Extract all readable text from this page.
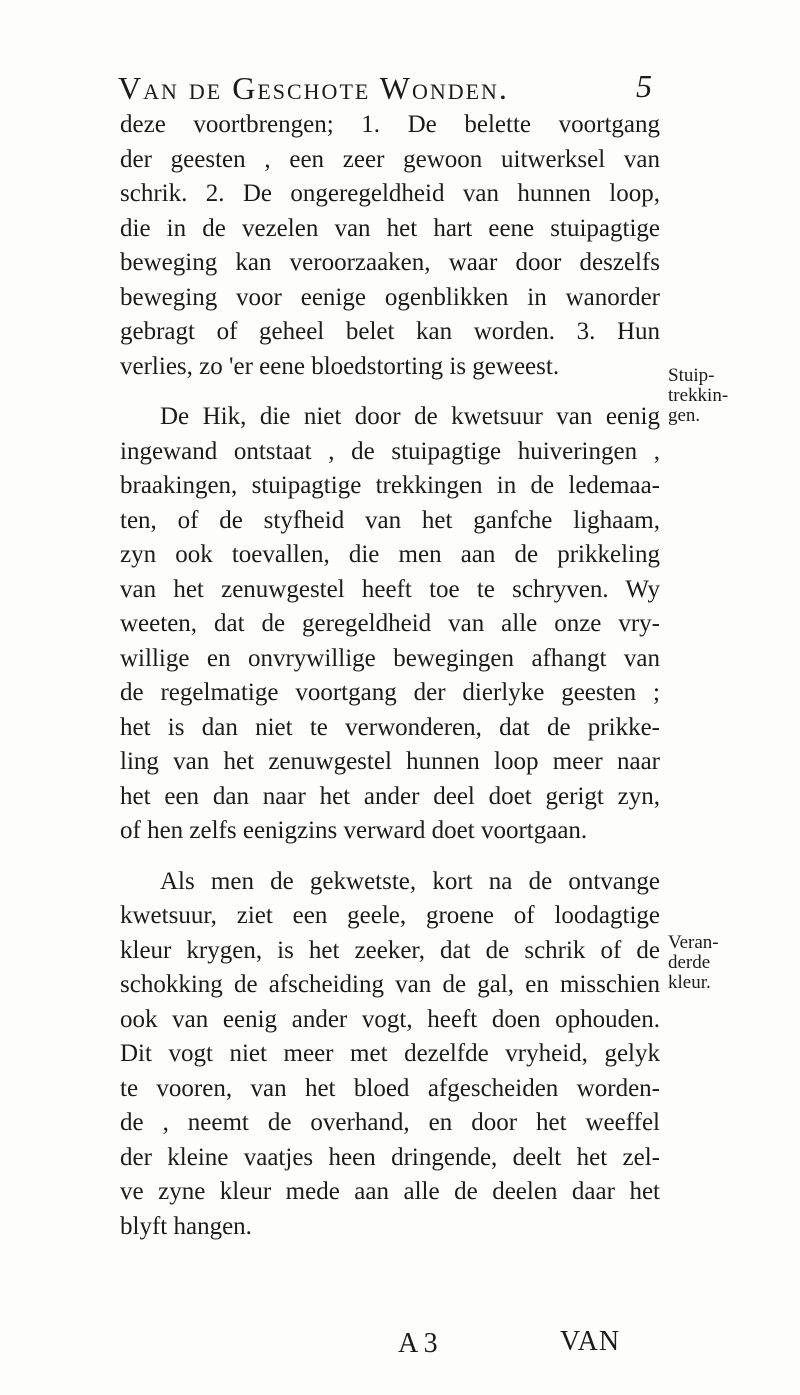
Van de Geschote Wonden.	5
deze voortbrengen; 1. De belette voortgang
der geesten , een zeer gewoon uitwerksel van
schrik. 2. De ongeregeldheid van hunnen loop,
die in de vezelen van het hart eene stuipagtige
beweging kan veroorzaaken, waar door deszelfs
beweging voor eenige ogenblikken in wanorder
gebragt of geheel belet kan worden. 3. Hun
verlies, zo 'er eene bloedstorting is geweest.
De Hik, die niet door de kwetsuur van eenig
ingewand ontstaat , de stuipagtige huiveringen ,
braakingen, stuipagtige trekkingen in de ledemaa-
ten, of de styfheid van het ganfche lighaam,
zyn ook toevallen, die men aan de prikkeling
van het zenuwgestel heeft toe te schryven. Wy
weeten, dat de geregeldheid van alle onze vry-
willige en onvrywillige bewegingen afhangt van
de regelmatige voortgang der dierlyke geesten ;
het is dan niet te verwonderen, dat de prikke-
ling van het zenuwgestel hunnen loop meer naar
het een dan naar het ander deel doet gerigt zyn,
of hen zelfs eenigzins verward doet voortgaan.
Als men de gekwetste, kort na de ontvange
kwetsuur, ziet een geele, groene of loodagtige
kleur krygen, is het zeeker, dat de schrik of de
schokking de afscheiding van de gal, en misschien
ook van eenig ander vogt, heeft doen ophouden.
Dit vogt niet meer met dezelfde vryheid, gelyk
te vooren, van het bloed afgescheiden worden-
de , neemt de overhand, en door het weeffel
der kleine vaatjes heen dringende, deelt het zel-
ve zyne kleur mede aan alle de deelen daar het
blyft hangen.
Stuip-
trekkin-
gen.
Veran-
derde
kleur.
A 3	VAN
